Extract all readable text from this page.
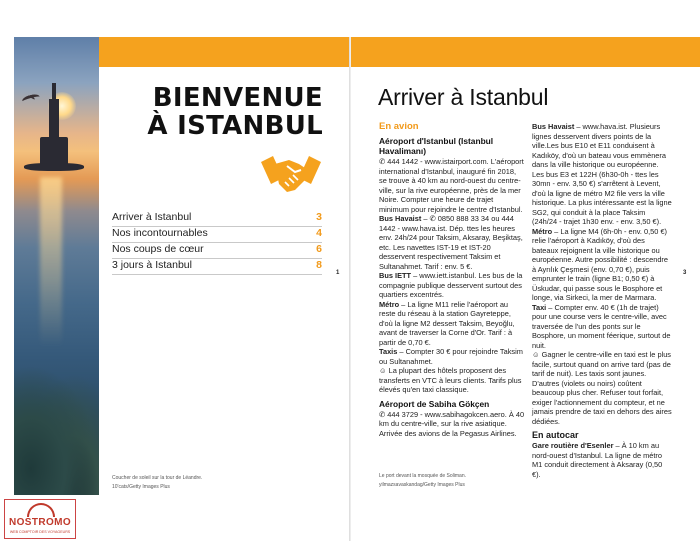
BIENVENUE
À ISTANBUL
Arriver à Istanbul	3
Nos incontournables	4
Nos coups de cœur	6
3 jours à Istanbul	8
1
Coucher de soleil sur la tour de Léandre.
10'cats/Getty Images Plus
Arriver à Istanbul
En avion
Aéroport d'Istanbul (Istanbul Havalimanı)

✆ 444 1442 - www.istairport.com. L'aéroport international d'Istanbul, inauguré fin 2018, se trouve à 40 km au nord-ouest du centre-ville, sur la rive européenne, près de la mer Noire. Compter une heure de trajet minimum pour rejoindre le centre d'Istanbul.

Bus Havaist – ✆ 0850 888 33 34 ou 444 1442 - www.hava.ist. Dép. ttes les heures env. 24h/24 pour Taksim, Aksaray, Beşiktaş, etc. Les navettes IST-19 et IST-20 desservent respectivement Taksim et Sultanahmet. Tarif : env. 5 €.

Bus IETT – www.iett.istanbul. Les bus de la compagnie publique desservent surtout des quartiers excentrés.

Métro – La ligne M11 relie l'aéroport au reste du réseau à la station Gayreteppe, d'où la ligne M2 dessert Taksim, Beyoğlu, avant de traverser la Corne d'Or. Tarif : à partir de 0,70 €.

Taxis – Compter 30 € pour rejoindre Taksim ou Sultanahmet.

☺ La plupart des hôtels proposent des transferts en VTC à leurs clients. Tarifs plus élevés qu'en taxi classique.

Aéroport de Sabiha Gökçen

✆ 444 3729 - www.sabihagokcen.aero. À 40 km du centre-ville, sur la rive asiatique. Arrivée des avions de la Pegasus Airlines.

Le port devant la mosquée de Soliman.
yilmazsavaskandag/Getty Images Plus

Bus Havaist – www.hava.ist. Plusieurs lignes desservent divers points de la ville.Les bus E10 et E11 conduisent à Kadıköy, d'où un bateau vous emmènera dans la ville historique ou européenne. Les bus E3 et 122H (6h30-0h - ttes les 30mn - env. 3,50 €) s'arrêtent à Levent, d'où la ligne de métro M2 file vers la ville historique. La plus intéressante est la ligne SG2, qui conduit à la place Taksim (24h/24 - trajet 1h30 env. - env. 3,50 €).

Métro – La ligne M4 (6h-0h - env. 0,50 €) relie l'aéroport à Kadıköy, d'où des bateaux rejoignent la ville historique ou européenne. Autre possibilité : descendre à Ayrılık Çeşmesi (env. 0,70 €), puis emprunter le train (ligne B1; 0,50 €) à Üskudar, qui passe sous le Bosphore et longe, via Sirkeci, la mer de Marmara.

Taxi – Compter env. 40 € (1h de trajet) pour une course vers le centre-ville, avec traversée de l'un des ponts sur le Bosphore, un moment féerique, surtout de nuit.

☺ Gagner le centre-ville en taxi est le plus facile, surtout quand on arrive tard (pas de tarif de nuit). Les taxis sont jaunes. D'autres (violets ou noirs) coûtent beaucoup plus cher. Refuser tout forfait, exiger l'actionnement du compteur, et ne jamais prendre de taxi en dehors des aires dédiées.

En autocar

Gare routière d'Esenler – À 10 km au nord-ouest d'Istanbul. La ligne de métro M1 conduit directement à Aksaray (0,50 €).

3
NOSTROMO
WEB COMPTOIR DES VOYAGEURS
